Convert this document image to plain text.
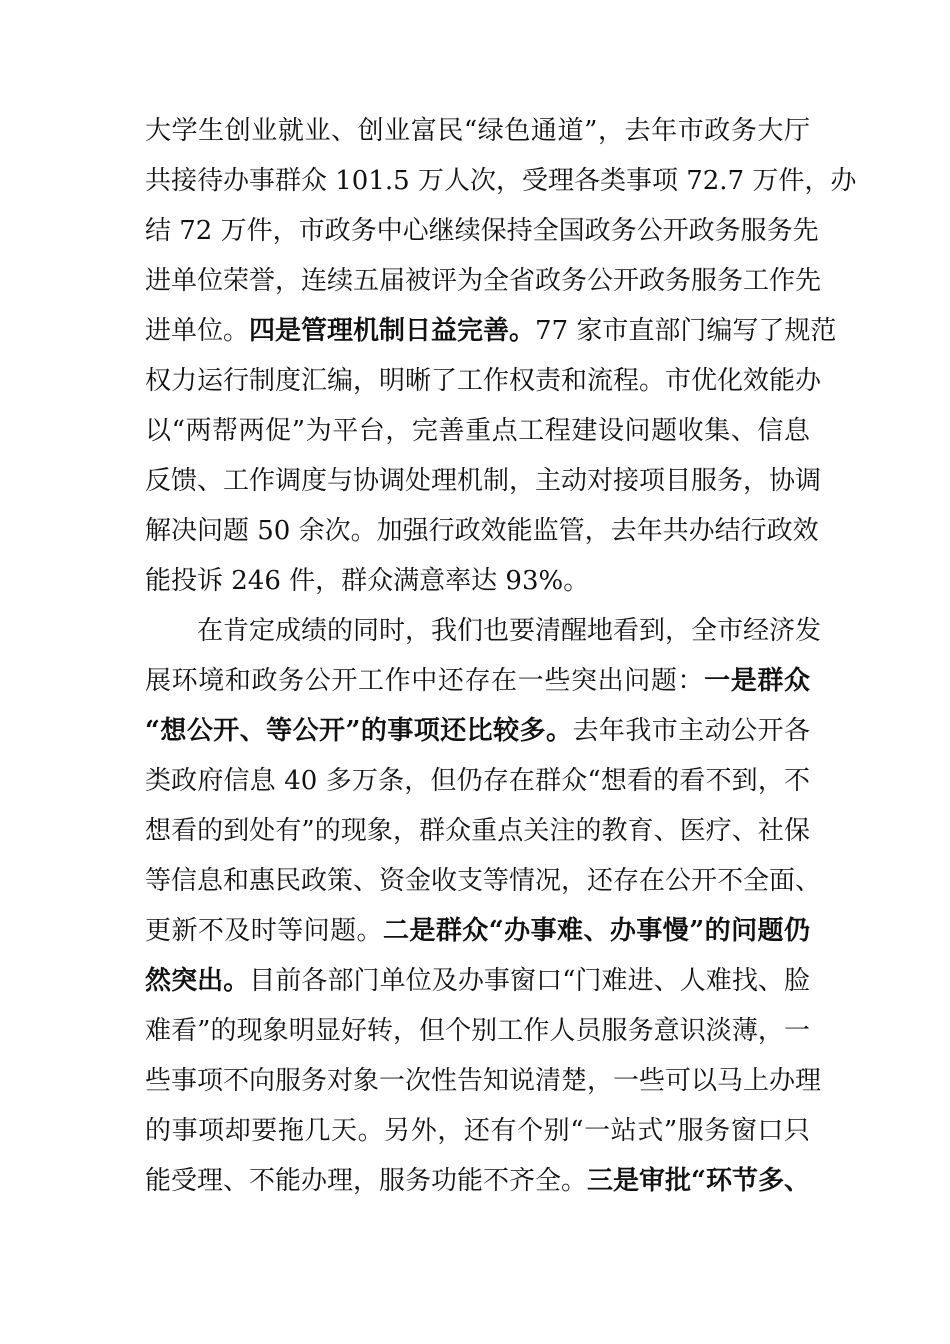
大学生创业就业、创业富民“绿色通道”，去年市政务大厅
共接待办事群众 101.5 万人次，受理各类事项 72.7 万件，办
结 72 万件，市政务中心继续保持全国政务公开政务服务先
进单位荣誉，连续五届被评为全省政务公开政务服务工作先
进单位。四是管理机制日益完善。77 家市直部门编写了规范
权力运行制度汇编，明晰了工作权责和流程。市优化效能办
以“两帮两促”为平台，完善重点工程建设问题收集、信息
反馈、工作调度与协调处理机制，主动对接项目服务，协调
解决问题 50 余次。加强行政效能监管，去年共办结行政效
能投诉 246 件，群众满意率达 93%。
　　在肯定成绩的同时，我们也要清醒地看到，全市经济发
展环境和政务公开工作中还存在一些突出问题：一是群众
“想公开、等公开”的事项还比较多。去年我市主动公开各
类政府信息 40 多万条，但仍存在群众“想看的看不到，不
想看的到处有”的现象，群众重点关注的教育、医疗、社保
等信息和惠民政策、资金收支等情况，还存在公开不全面、
更新不及时等问题。二是群众“办事难、办事慢”的问题仍
然突出。目前各部门单位及办事窗口“门难进、人难找、脸
难看”的现象明显好转，但个别工作人员服务意识淡薄，一
些事项不向服务对象一次性告知说清楚，一些可以马上办理
的事项却要拖几天。另外，还有个别“一站式”服务窗口只
能受理、不能办理，服务功能不齐全。三是审批“环节多、
